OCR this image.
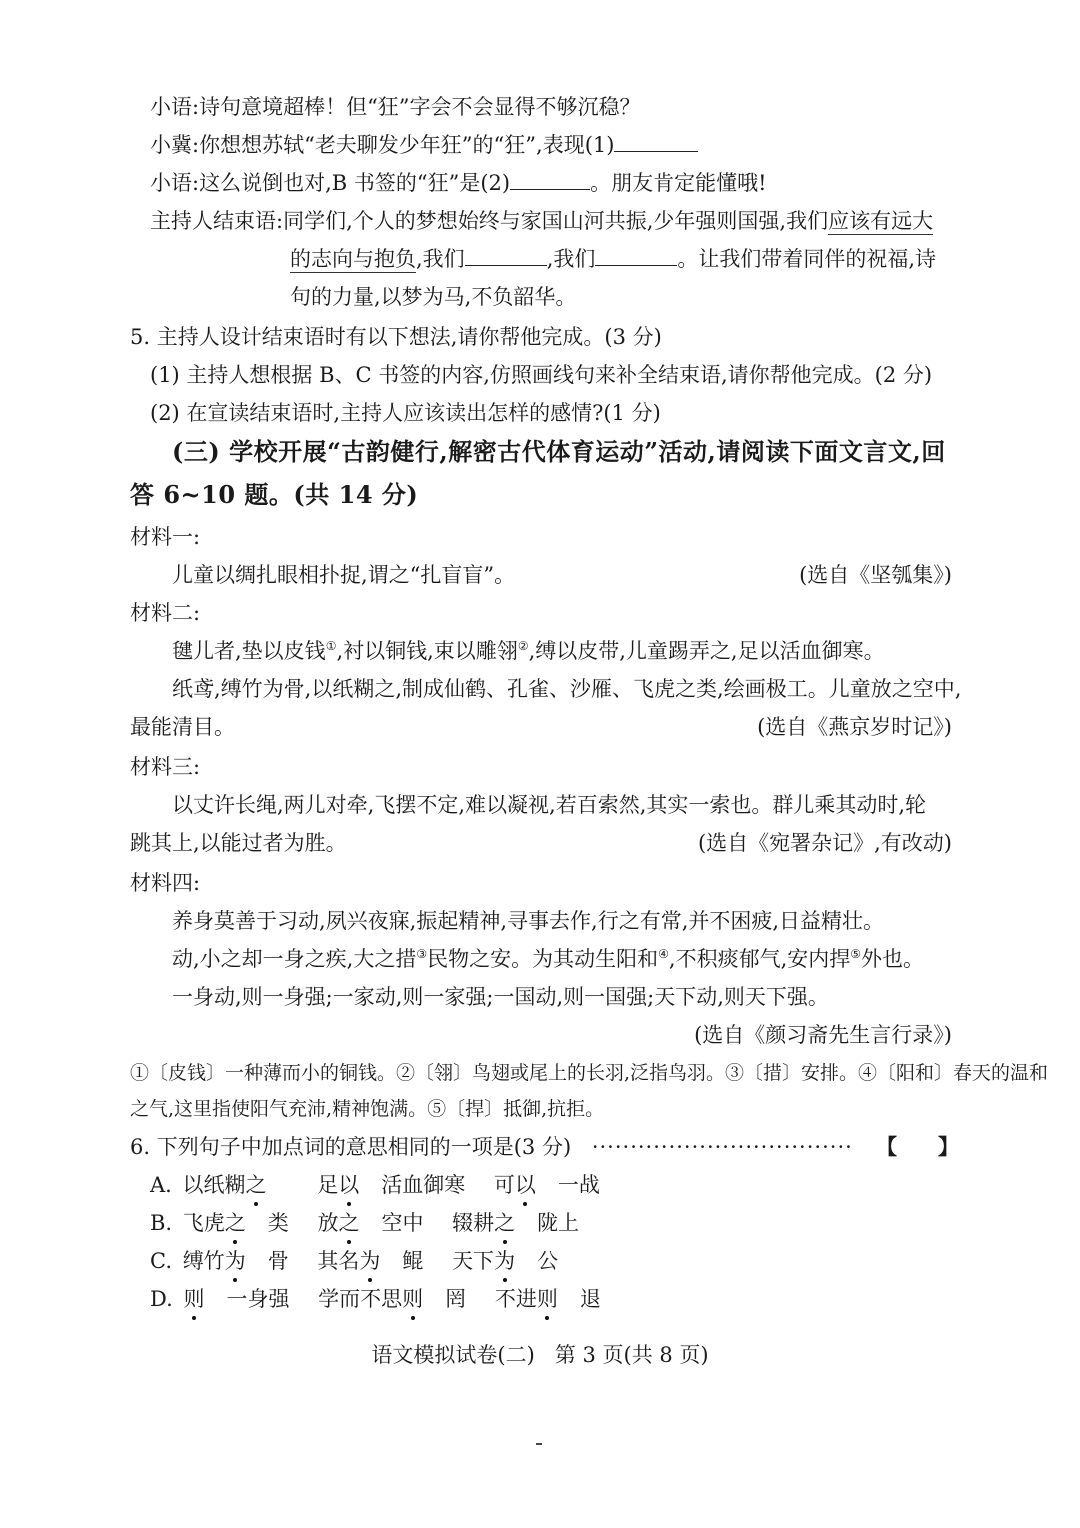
小语:诗句意境超棒！但“狂”字会不会显得不够沉稳？
小冀:你想想苏轼“老夫聊发少年狂”的“狂”,表现(1)
小语:这么说倒也对,B 书签的“狂”是(2)	。朋友肯定能懂哦!
主持人结束语:同学们,个人的梦想始终与家国山河共振,少年强则国强,我们应该有远大
的志向与抱负,我们	,我们	。让我们带着同伴的祝福,诗
句的力量,以梦为马,不负韶华。
5. 主持人设计结束语时有以下想法,请你帮他完成。(3 分)
(1) 主持人想根据 B、C 书签的内容,仿照画线句来补全结束语,请你帮他完成。(2 分)
(2) 在宣读结束语时,主持人应该读出怎样的感情?(1 分)
(三) 学校开展“古韵健行,解密古代体育运动”活动,请阅读下面文言文,回
答 6~10 题。(共 14 分)
材料一:
儿童以绸扎眼相扑捉,谓之“扎盲盲”。	(选自《坚瓠集》)
材料二:
毽儿者,垫以皮钱①,衬以铜钱,束以雕翎②,缚以皮带,儿童踢弄之,足以活血御寒。
纸鸢,缚竹为骨,以纸糊之,制成仙鹤、孔雀、沙雁、飞虎之类,绘画极工。儿童放之空中,
最能清目。	(选自《燕京岁时记》)
材料三:
以丈许长绳,两儿对牵,飞摆不定,难以凝视,若百索然,其实一索也。群儿乘其动时,轮
跳其上,以能过者为胜。	(选自《宛署杂记》,有改动)
材料四:
养身莫善于习动,夙兴夜寐,振起精神,寻事去作,行之有常,并不困疲,日益精壮。
动,小之却一身之疾,大之措③民物之安。为其动生阳和④,不积痰郁气,安内捍⑤外也。
一身动,则一身强;一家动,则一家强;一国动,则一国强;天下动,则天下强。
(选自《颜习斋先生言行录》)
①〔皮钱〕一种薄而小的铜钱。②〔翎〕鸟翅或尾上的长羽,泛指鸟羽。③〔措〕安排。④〔阳和〕春天的温和
之气,这里指使阳气充沛,精神饱满。⑤〔捍〕抵御,抗拒。
6. 下列句子中加点词的意思相同的一项是(3 分) ·································· 【 】
A. 以纸糊之 足以 活血御寒 可以 一战
B. 飞虎之 类 放之 空中 辍耕之 陇上
C. 缚竹为 骨 其名为 鲲 天下为 公
D. 则 一身强 学而不思则 罔 不进则 退
语文模拟试卷(二)   第 3 页(共 8 页)
